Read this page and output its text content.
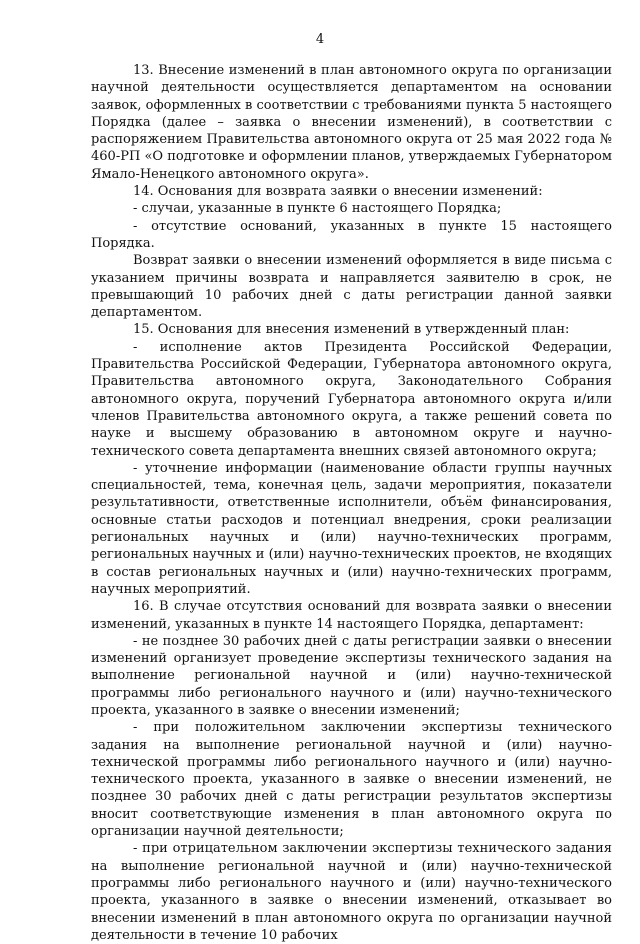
4

13. Внесение изменений в план автономного округа по организации научной деятельности осуществляется департаментом на основании заявок, оформленных в соответствии с требованиями пункта 5 настоящего Порядка (далее – заявка о внесении изменений), в соответствии с распоряжением Правительства автономного округа от 25 мая 2022 года № 460-РП «О подготовке и оформлении планов, утверждаемых Губернатором Ямало-Ненецкого автономного округа».

14. Основания для возврата заявки о внесении изменений:

- случаи, указанные в пункте 6 настоящего Порядка;

- отсутствие оснований, указанных в пункте 15 настоящего Порядка.

Возврат заявки о внесении изменений оформляется в виде письма с указанием причины возврата и направляется заявителю в срок, не превышающий 10 рабочих дней с даты регистрации данной заявки департаментом.

15. Основания для внесения изменений в утвержденный план:

- исполнение актов Президента Российской Федерации, Правительства Российской Федерации, Губернатора автономного округа, Правительства автономного округа, Законодательного Собрания автономного округа, поручений Губернатора автономного округа и/или членов Правительства автономного округа, а также решений совета по науке и высшему образованию в автономном округе и научно-технического совета департамента внешних связей автономного округа;

- уточнение информации (наименование области группы научных специальностей, тема, конечная цель, задачи мероприятия, показатели результативности, ответственные исполнители, объём финансирования, основные статьи расходов и потенциал внедрения, сроки реализации региональных научных и (или) научно-технических программ, региональных научных и (или) научно-технических проектов, не входящих в состав региональных научных и (или) научно-технических программ, научных мероприятий.

16. В случае отсутствия оснований для возврата заявки о внесении изменений, указанных в пункте 14 настоящего Порядка, департамент:

- не позднее 30 рабочих дней с даты регистрации заявки о внесении изменений организует проведение экспертизы технического задания на выполнение региональной научной и (или) научно-технической программы либо регионального научного и (или) научно-технического проекта, указанного в заявке о внесении изменений;

- при положительном заключении экспертизы технического задания на выполнение региональной научной и (или) научно-технической программы либо регионального научного и (или) научно-технического проекта, указанного в заявке о внесении изменений, не позднее 30 рабочих дней с даты регистрации результатов экспертизы вносит соответствующие изменения в план автономного округа по организации научной деятельности;

- при отрицательном заключении экспертизы технического задания на выполнение региональной научной и (или) научно-технической программы либо регионального научного и (или) научно-технического проекта, указанного в заявке о внесении изменений, отказывает во внесении изменений в план автономного округа по организации научной деятельности в течение 10 рабочих
